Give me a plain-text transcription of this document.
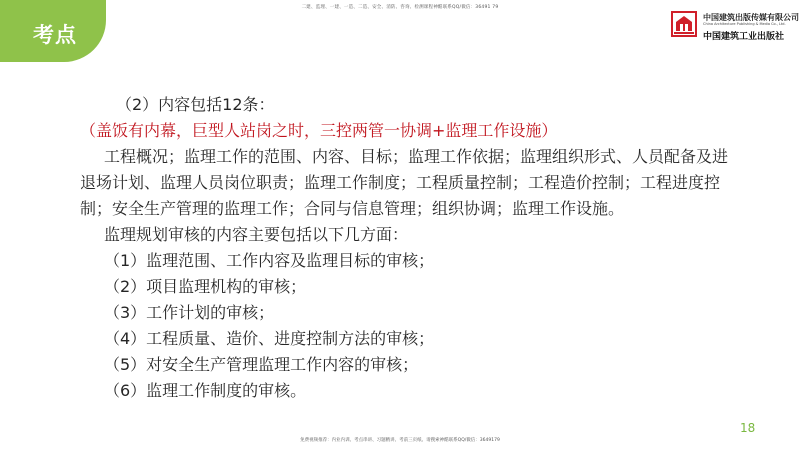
二建、监理、一建、一造、二造、安全、消防、咨询、检测课程神酷联系QQ/微信：36491 79
考点
中国建筑出版传媒有限公司
China Architecture Publishing & Media Co., Ltd.
中国建筑工业出版社

（2）内容包括12条：（盖饭有内幕，巨型人站岗之时，三控两管一协调+监理工作设施）

工程概况；监理工作的范围、内容、目标；监理工作依据；监理组织形式、人员配备及进退场计划、监理人员岗位职责；监理工作制度；工程质量控制；工程造价控制；工程进度控制；安全生产管理的监理工作；合同与信息管理；组织协调；监理工作设施。

监理规划审核的内容主要包括以下几方面：

（1）监理范围、工作内容及监理目标的审核；

（2）项目监理机构的审核；

（3）工作计划的审核；

（4）工程质量、造价、进度控制方法的审核；

（5）对安全生产管理监理工作内容的审核；

（6）监理工作制度的审核。

18
免费视频推荐：内业内训、考点串讲、习题精讲、考前三页纸、请搜索神酷联系QQ/微信：3649179
